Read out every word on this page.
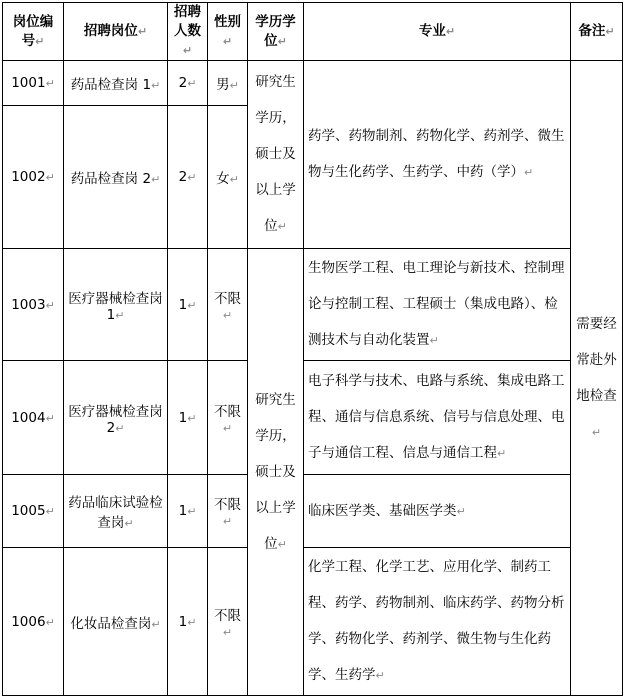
岗位编号↵	招聘岗位↵	招聘人数↵	性别↵	学历学位↵	专业↵	备注↵
1001↵	药品检查岗 1↵	2↵	男↵	研究生学历，硕士及以上学位↵	药学、药物制剂、药物化学、药剂学、微生物与生化药学、生药学、中药（学）↵	需要经常赴外地检查↵
1002↵	药品检查岗 2↵	2↵	女↵			
1003↵	医疗器械检查岗 1↵	1↵	不限↵	研究生学历，硕士及以上学位↵	生物医学工程、电工理论与新技术、控制理论与控制工程、工程硕士（集成电路）、检测技术与自动化装置↵	
1004↵	医疗器械检查岗 2↵	1↵	不限↵		电子科学与技术、电路与系统、集成电路工程、通信与信息系统、信号与信息处理、电子与通信工程、信息与通信工程↵	
1005↵	药品临床试验检查岗↵	1↵	不限↵		临床医学类、基础医学类↵	
1006↵	化妆品检查岗↵	1↵	不限↵		化学工程、化学工艺、应用化学、制药工程、药学、药物制剂、临床药学、药物分析学、药物化学、药剂学、微生物与生化药学、生药学↵	
